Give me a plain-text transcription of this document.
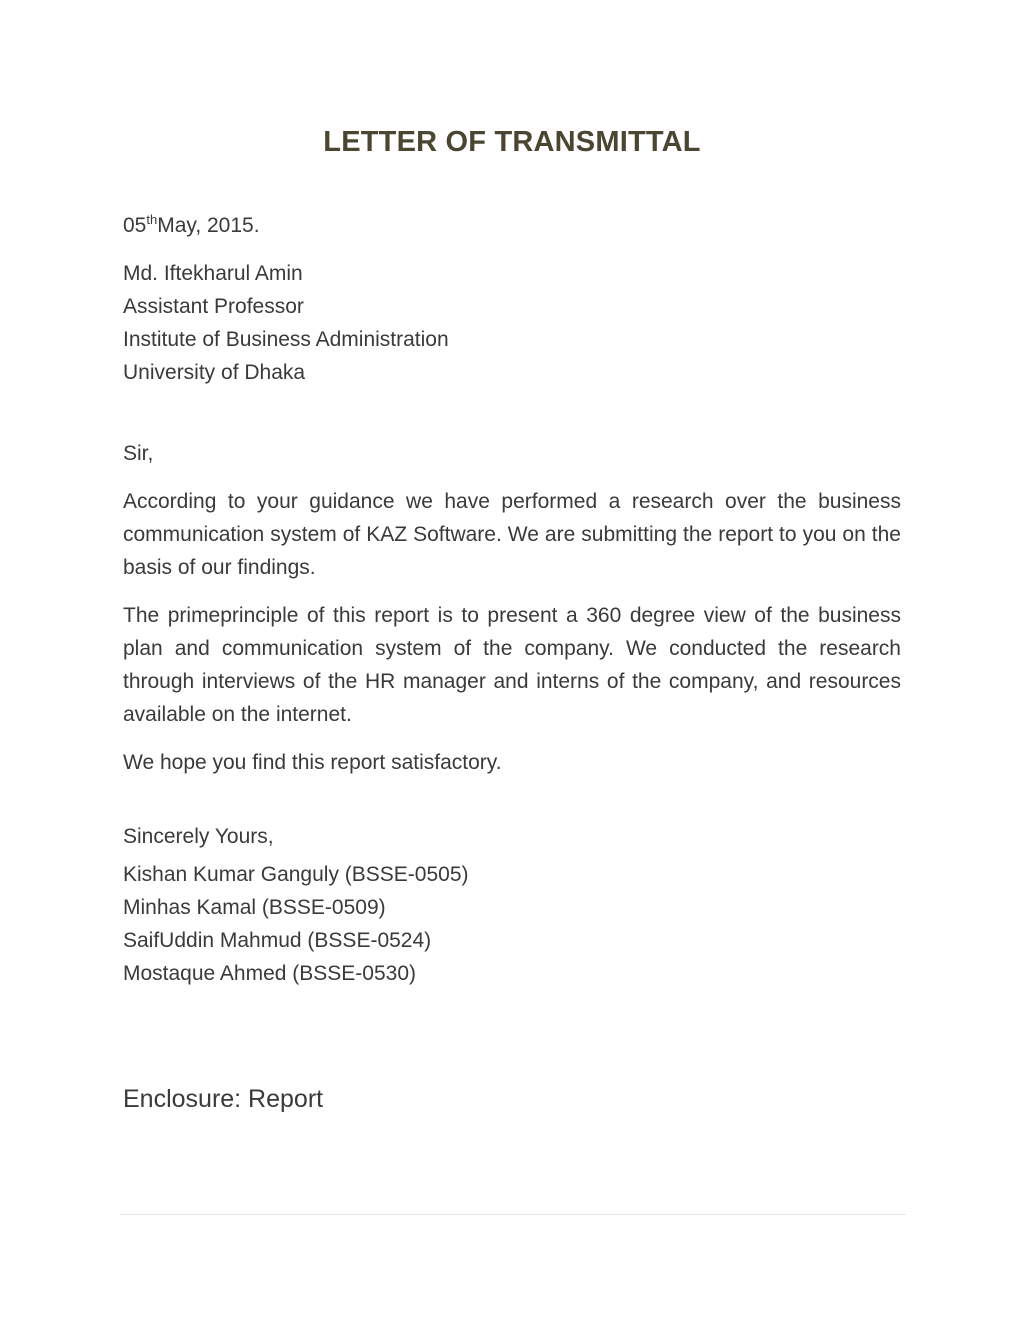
LETTER OF TRANSMITTAL
05thMay, 2015.
Md. Iftekharul Amin
Assistant Professor
Institute of Business Administration
University of Dhaka
Sir,
According to your guidance we have performed a research over the business communication system of KAZ Software. We are submitting the report to you on the basis of our findings.
The primeprinciple of this report is to present a 360 degree view of the business plan and communication system of the company. We conducted the research through interviews of the HR manager and interns of the company, and resources available on the internet.
We hope you find this report satisfactory.
Sincerely Yours,
Kishan Kumar Ganguly (BSSE-0505)
Minhas Kamal (BSSE-0509)
SaifUddin Mahmud (BSSE-0524)
Mostaque Ahmed (BSSE-0530)
Enclosure: Report
